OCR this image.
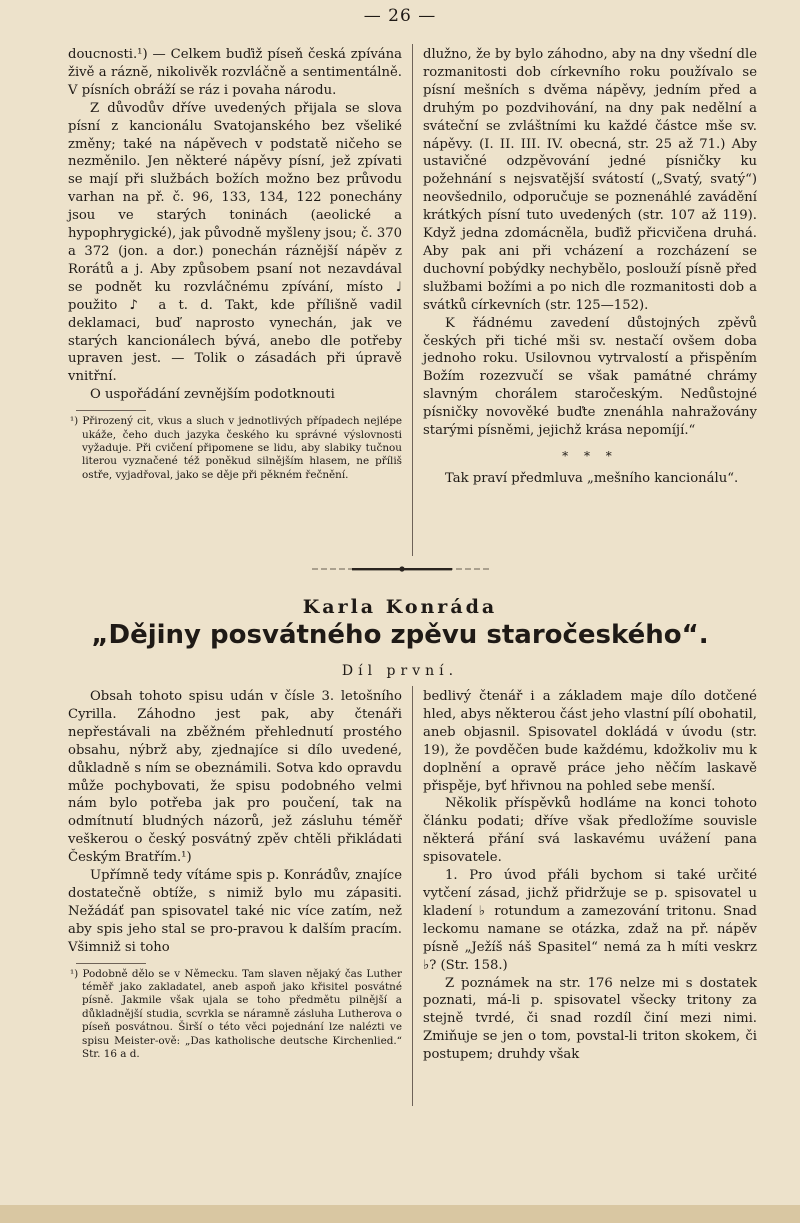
— 26 —

doucnosti.¹) — Celkem buďiž píseň česká zpívána živě a ráznĕ, nikolivěk rozvláčně a sentimentálně. V písních obráží se ráz i povaha národu.

Z důvodův dříve uvedených přijala se slova písní z kancionálu Svatojanského bez všeliké změny; také na nápěvech v podstatě ničeho se nezměnilo. Jen některé nápěvy písní, jež zpívati se mají při službách božích možno bez průvodu varhan na př. č. 96, 133, 134, 122 ponechány jsou ve starých toninách (aeolické a hypophrygické), jak původně myšleny jsou; č. 370 a 372 (jon. a dor.) ponechán ráznější nápěv z Rorátů a j. Aby způsobem psaní not nezavdával se podnět ku rozvláčnému zpívání, místo ♩ použito ♪ a t. d. Takt, kde přílišně vadil deklamaci, buď naprosto vynechán, jak ve starých kancionálech bývá, anebo dle potřeby upraven jest. — Tolik o zásadách při úpravě vnitřní.

O uspořádání zevnějším podotknouti

¹) Přirozený cit, vkus a sluch v jednotlivých případech nejlépe ukáže, čeho duch jazyka českého ku správné výslovnosti vyžaduje. Při cvičení připomene se lidu, aby slabiky tučnou literou vyznačené též poněkud silnějším hlasem, ne příliš ostře, vyjadřoval, jako se děje při pěkném řečnění.

dlužno, že by bylo záhodno, aby na dny všední dle rozmanitosti dob církevního roku používalo se písní mešních s dvěma nápěvy, jedním před a druhým po pozdvihování, na dny pak nedělní a sváteční se zvláštními ku každé částce mše sv. nápěvy. (I. II. III. IV. obecná, str. 25 až 71.) Aby ustavičné odzpěvování jedné písničky ku požehnání s nejsvatější svátostí („Svatý, svatý“) neovšednilo, odporučuje se poznenáhlé zavádění krátkých písní tuto uvedených (str. 107 až 119). Když jedna zdomácněla, buďiž přicvičena druhá. Aby pak ani při vcházení a rozcházení se duchovní pobýdky nechybělo, poslouží písně před službami božími a po nich dle rozmanitosti dob a svátků církevních (str. 125—152).

K řádnému zavedení důstojných zpěvů českých při tiché mši sv. nestačí ovšem doba jednoho roku. Usilovnou vytrvalostí a přispěním Božím rozezvučí se však památné chrámy slavným chorálem staročeským. Nedůstojné písničky novověké buďte znenáhla nahražovány starými písněmi, jejichž krása nepomíjí.“

* * *

Tak praví předmluva „mešního kancionálu“.

Karla Konráda
„Dějiny posvátného zpěvu staročeského“.
Díl první.

Obsah tohoto spisu udán v čísle 3. letošního Cyrilla. Záhodno jest pak, aby čtenáři nepřestávali na zběžném přehlednutí prostého obsahu, nýbrž aby, zjednajíce si dílo uvedené, důkladně s ním se obeznámili. Sotva kdo opravdu může pochybovati, že spisu podobného velmi nám bylo potřeba jak pro poučení, tak na odmítnutí bludných názorů, jež zásluhu téměř veškerou o český posvátný zpěv chtěli přikládati Českým Bratřím.¹)

Upřímně tedy vítáme spis p. Konrádův, znajíce dostatečně obtíže, s nimiž bylo mu zápasiti. Nežádáť pan spisovatel také nic více zatím, než aby spis jeho stal se pro-pravou k dalším pracím. Všimniž si toho

¹) Podobně dělo se v Německu. Tam slaven nějaký čas Luther téměř jako zakladatel, aneb aspoň jako křisitel posvátné písně. Jakmile však ujala se toho předmětu pilnější a důkladnější studia, scvrkla se náramně zásluha Lutherova o píseň posvátnou. Širší o této věci pojednání lze nalézti ve spisu Meister-ově: „Das katholische deutsche Kirchenlied.“ Str. 16 a d.

bedlivý čtenář i a základem maje dílo dotčené hled, abys některou část jeho vlastní pílí obohatil, aneb objasnil. Spisovatel dokládá v úvodu (str. 19), že povděčen bude každému, kdožkoliv mu k doplnění a opravě práce jeho něčím laskavě přispěje, byť hřivnou na pohled sebe menší.

Několik příspěvků hodláme na konci tohoto článku podati; dříve však předložíme souvisle některá přání svá laskavému uvážení pana spisovatele.

1. Pro úvod přáli bychom si také určité vytčení zásad, jichž přidržuje se p. spisovatel u kladení ♭ rotundum a zamezování tritonu. Snad leckomu namane se otázka, zdaž na př. nápěv písně „Ježíš náš Spasitel“ nemá za h míti veskrz ♭? (Str. 158.)

Z poznámek na str. 176 nelze mi s dostatek poznati, má-li p. spisovatel všecky tritony za stejně tvrdé, či snad rozdíl činí mezi nimi. Zmiňuje se jen o tom, povstal-li triton skokem, či postupem; druhdy však
